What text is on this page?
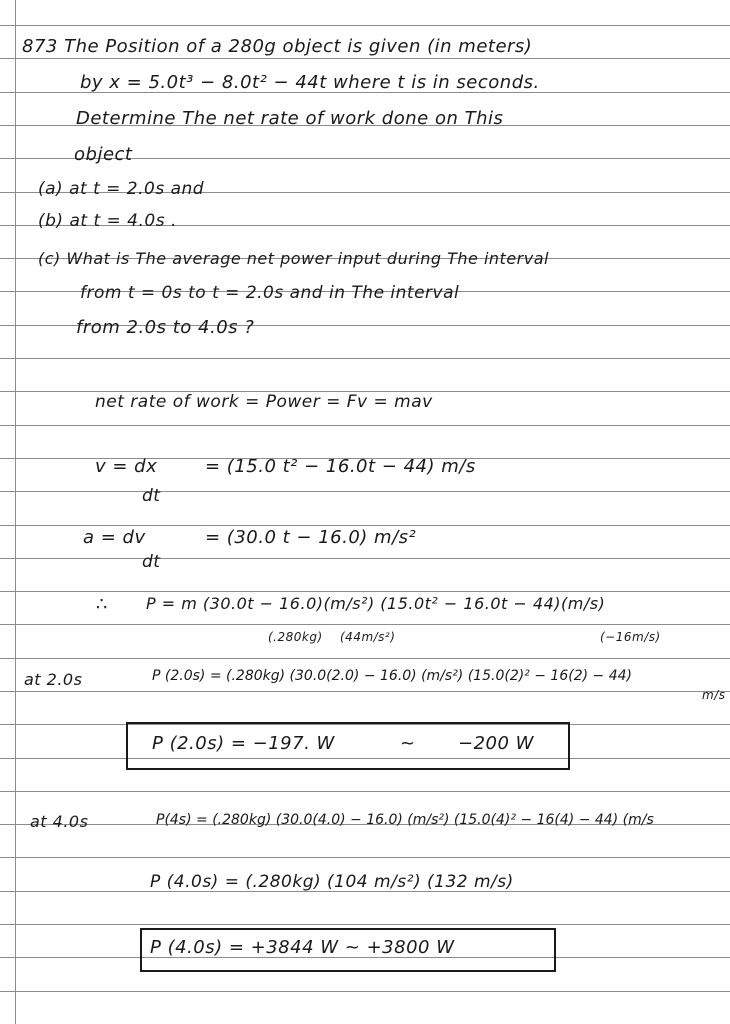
873 The Position of a 280g object is given (in meters)
by x = 5.0t³ − 8.0t² − 44t where t is in seconds.
Determine The net rate of work done on This
object
(a) at t = 2.0s and
(b) at t = 4.0s .
(c) What is The average net power input during The interval
from t = 0s to t = 2.0s and in The interval
from 2.0s to 4.0s ?
net rate of work = Power = Fv = mav
v = dx
dt
= (15.0 t² − 16.0t − 44) m/s
a = dv
dt
= (30.0 t − 16.0) m/s²
∴ P = m (30.0t − 16.0)(m/s²) (15.0t² − 16.0t − 44)(m/s)
(.280kg) (44m/s²)	(−16m/s)
at 2.0s	P (2.0s) = (.280kg) (30.0(2.0) − 16.0) (m/s²) (15.0(2)² − 16(2) − 44)
m/s
P (2.0s) = −197. W	~ −200 W
at 4.0s	P(4s) = (.280kg) (30.0(4.0) − 16.0) (m/s²) (15.0(4)² − 16(4) − 44) (m/s
P (4.0s) = (.280kg) (104 m/s²) (132 m/s)
P (4.0s) = +3844 W ~ +3800 W
